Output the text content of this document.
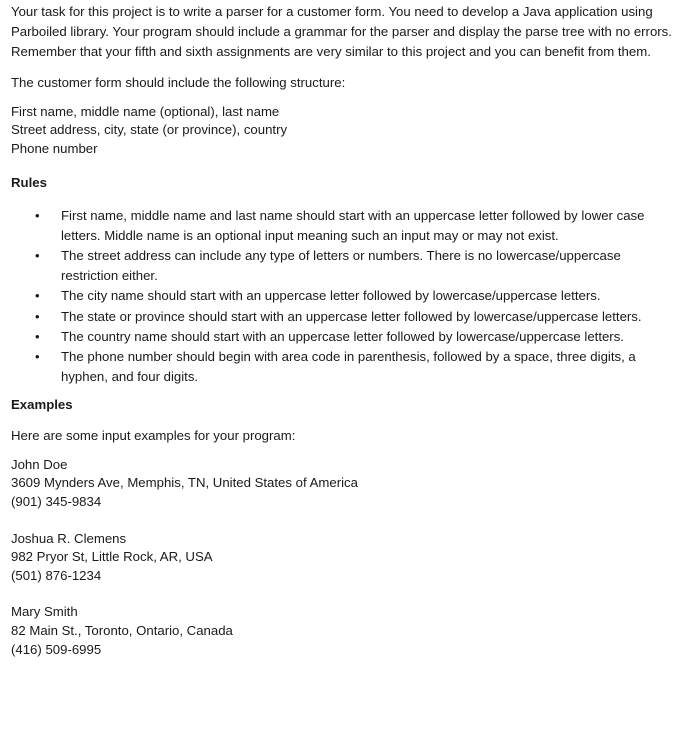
Your task for this project is to write a parser for a customer form. You need to develop a Java application using Parboiled library. Your program should include a grammar for the parser and display the parse tree with no errors. Remember that your fifth and sixth assignments are very similar to this project and you can benefit from them.

The customer form should include the following structure:

First name, middle name (optional), last name
Street address, city, state (or province), country
Phone number

Rules

• First name, middle name and last name should start with an uppercase letter followed by lower case letters. Middle name is an optional input meaning such an input may or may not exist.
• The street address can include any type of letters or numbers. There is no lowercase/uppercase restriction either.
• The city name should start with an uppercase letter followed by lowercase/uppercase letters.
• The state or province should start with an uppercase letter followed by lowercase/uppercase letters.
• The country name should start with an uppercase letter followed by lowercase/uppercase letters.
• The phone number should begin with area code in parenthesis, followed by a space, three digits, a hyphen, and four digits.

Examples

Here are some input examples for your program:

John Doe
3609 Mynders Ave, Memphis, TN, United States of America
(901) 345-9834
Joshua R. Clemens
982 Pryor St, Little Rock, AR, USA
(501) 876-1234
Mary Smith
82 Main St., Toronto, Ontario, Canada
(416) 509-6995
